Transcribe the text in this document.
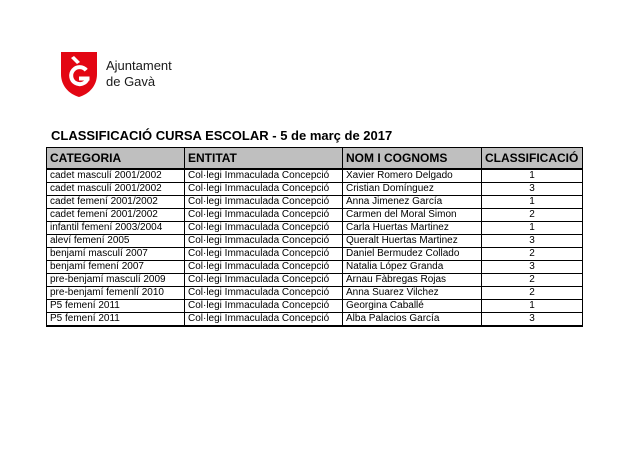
Ajuntament
de Gavà
CLASSIFICACIÓ CURSA ESCOLAR - 5 de març de 2017
CATEGORIA	ENTITAT	NOM I COGNOMS	CLASSIFICACIÓ
cadet masculí 2001/2002	Col·legi Immaculada Concepció	Xavier Romero Delgado	1
cadet masculí 2001/2002	Col·legi Immaculada Concepció	Cristian Domínguez	3
cadet femení 2001/2002	Col·legi Immaculada Concepció	Anna Jimenez García	1
cadet femení 2001/2002	Col·legi Immaculada Concepció	Carmen del Moral Simon	2
infantil femení 2003/2004	Col·legi Immaculada Concepció	Carla Huertas Martinez	1
aleví femení 2005	Col·legi Immaculada Concepció	Queralt Huertas Martinez	3
benjamí masculí 2007	Col·legi Immaculada Concepció	Daniel Bermudez Collado	2
benjamí femení 2007	Col·legi Immaculada Concepció	Natalia López Granda	3
pre-benjamí masculí 2009	Col·legi Immaculada Concepció	Arnau Fàbregas Rojas	2
pre-benjamí femenlí 2010	Col·legi Immaculada Concepció	Anna Suarez Vilchez	2
P5 femení 2011	Col·legi Immaculada Concepció	Georgina Caballé	1
P5 femení 2011	Col·legi Immaculada Concepció	Alba Palacios García	3
